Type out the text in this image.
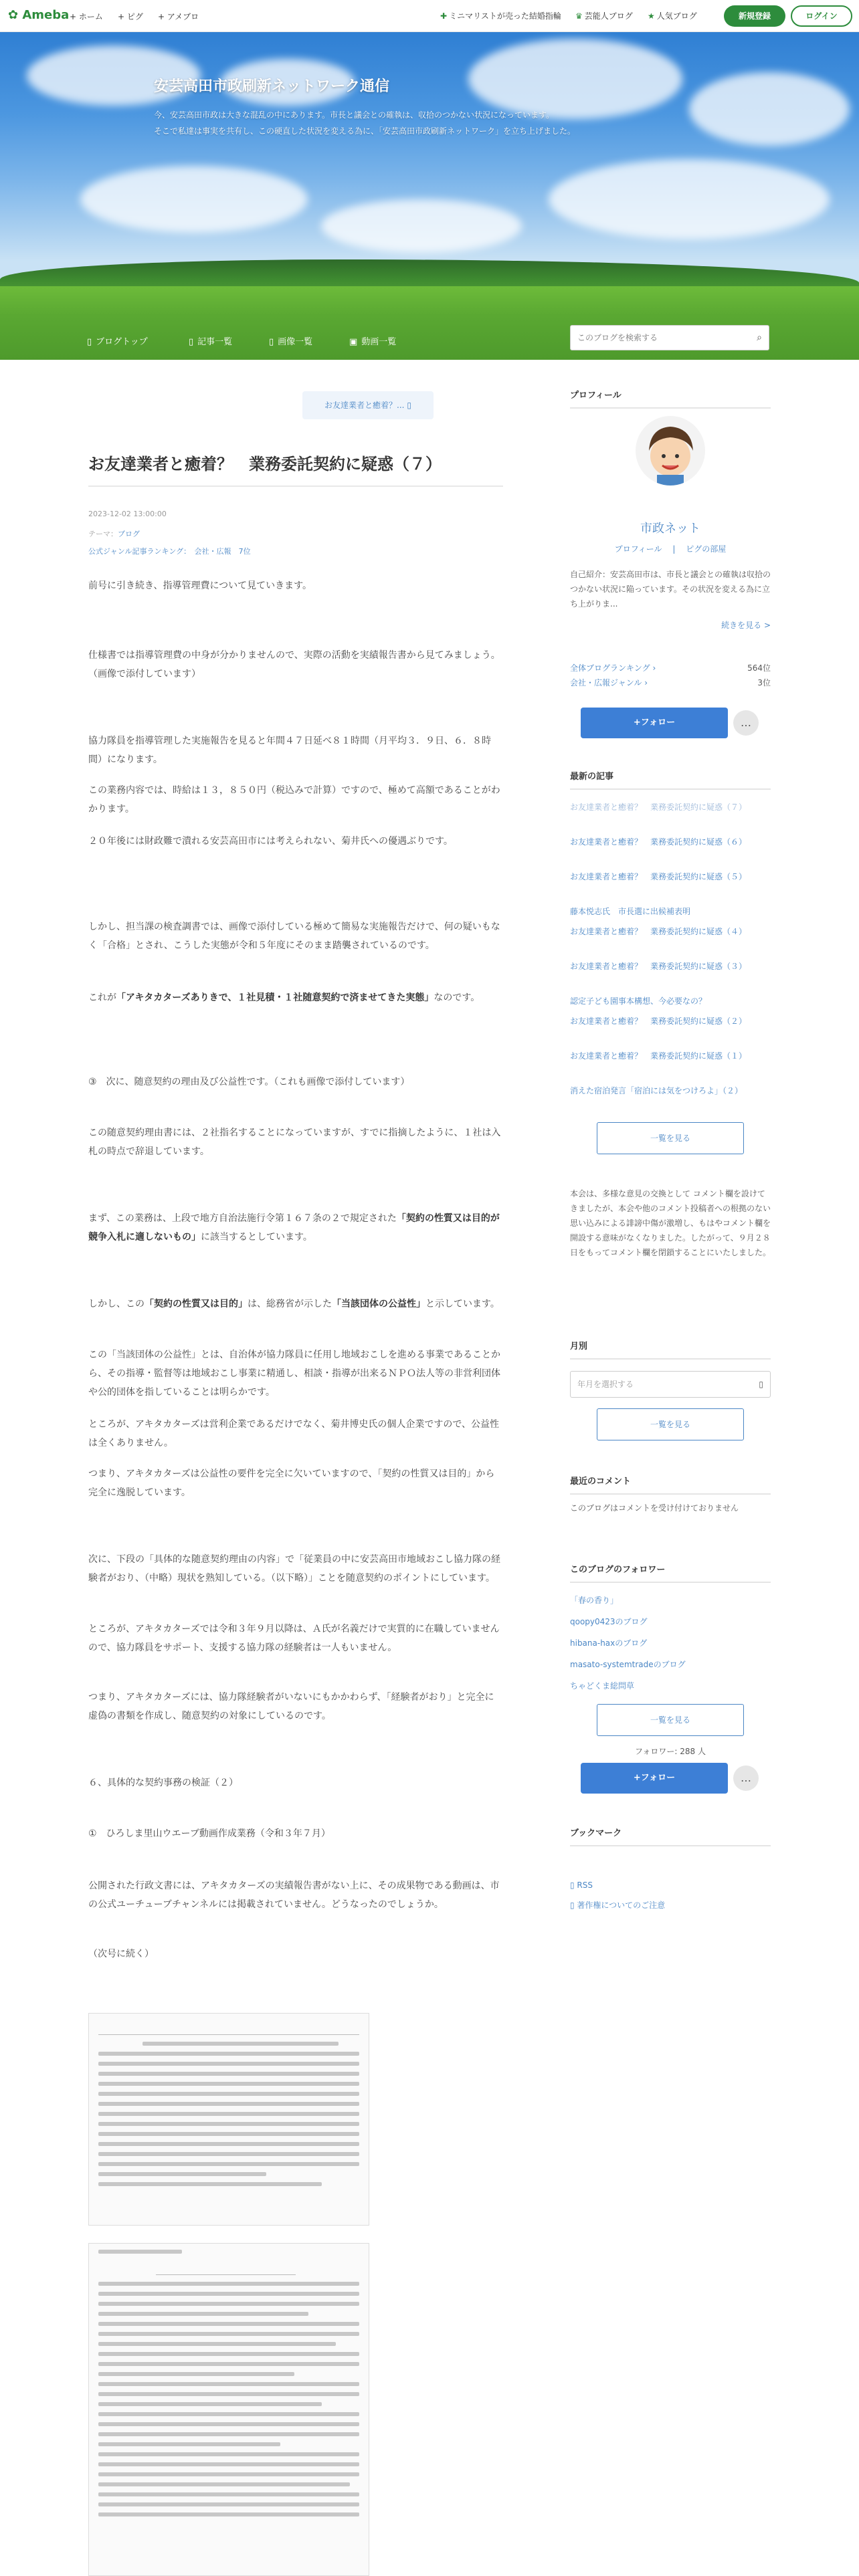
✿ Ameba + ホーム + ピグ + アメブロ	✚ ミニマリストが売った結婚指輪 ♛ 芸能人ブログ ★ 人気ブログ	新規登録	ログイン
安芸高田市政刷新ネットワーク通信
今、安芸高田市政は大きな混乱の中にあります。市長と議会との確執は、収拾のつかない状況になっています。
そこで私達は事実を共有し、この硬直した状況を変える為に、「安芸高田市政刷新ネットワーク」を立ち上げました。
▯ ブログトップ	▯ 記事一覧	▯ 画像一覧	▣ 動画一覧
このブログを検索する	⌕
お友達業者と癒着？... ▯
お友達業者と癒着？　業務委託契約に疑惑（７）
2023-12-02 13:00:00
テーマ：ブログ
公式ジャンル記事ランキング：　会社・広報　7位
前号に引き続き、指導管理費について見ていきます。
仕様書では指導管理費の中身が分かりませんので、実際の活動を実績報告書から見てみましょう。（画像で添付しています）
協力隊員を指導管理した実施報告を見ると年間４７日延べ８１時間（月平均３．９日、６．８時間）になります。
この業務内容では、時給は１３，８５０円（税込みで計算）ですので、極めて高額であることがわかります。
２０年後には財政難で潰れる安芸高田市には考えられない、菊井氏への優遇ぶりです。
しかし、担当課の検査調書では、画像で添付している極めて簡易な実施報告だけで、何の疑いもなく「合格」とされ、こうした実態が令和５年度にそのまま踏襲されているのです。
これが「アキタカターズありきで、１社見積・１社随意契約で済ませてきた実態」なのです。
③　次に、随意契約の理由及び公益性です。（これも画像で添付しています）
この随意契約理由書には、２社指名することになっていますが、すでに指摘したように、１社は入札の時点で辞退しています。
まず、この業務は、上段で地方自治法施行令第１６７条の２で規定された「契約の性質又は目的が競争入札に適しないもの」に該当するとしています。
しかし、この「契約の性質又は目的」は、総務省が示した「当該団体の公益性」と示しています。
この「当該団体の公益性」とは、自治体が協力隊員に任用し地域おこしを進める事業であることから、その指導・監督等は地域おこし事業に精通し、相談・指導が出来るＮＰＯ法人等の非営利団体や公的団体を指していることは明らかです。
ところが、アキタカターズは営利企業であるだけでなく、菊井博史氏の個人企業ですので、公益性は全くありません。
つまり、アキタカターズは公益性の要件を完全に欠いていますので、「契約の性質又は目的」から完全に逸脱しています。
次に、下段の「具体的な随意契約理由の内容」で「従業員の中に安芸高田市地域おこし協力隊の経験者がおり、（中略）現状を熟知している。（以下略）」ことを随意契約のポイントにしています。
ところが、アキタカターズでは令和３年９月以降は、Ａ氏が名義だけで実質的に在職していませんので、協力隊員をサポート、支援する協力隊の経験者は一人もいません。
つまり、アキタカターズには、協力隊経験者がいないにもかかわらず、「経験者がおり」と完全に虚偽の書類を作成し、随意契約の対象にしているのです。
６、具体的な契約事務の検証（２）
①　ひろしま里山ウエーブ動画作成業務（令和３年７月）
公開された行政文書には、アキタカターズの実績報告書がない上に、その成果物である動画は、市の公式ユーチューブチャンネルには掲載されていません。どうなったのでしょうか。
（次号に続く）
プロフィール
市政ネット
プロフィール 　|　 ピグの部屋
自己紹介：安芸高田市は、市長と議会との確執は収拾のつかない状況に陥っています。その状況を変える為に立ち上がりま...
続きを見る >
全体ブログランキング ›	564位
会社・広報ジャンル ›	3位
+フォロー	…
最新の記事
お友達業者と癒着？　業務委託契約に疑惑（７）
お友達業者と癒着？　業務委託契約に疑惑（６）
お友達業者と癒着？　業務委託契約に疑惑（５）
藤本悦志氏　市長選に出候補表明
お友達業者と癒着？　業務委託契約に疑惑（４）
お友達業者と癒着？　業務委託契約に疑惑（３）
認定子ども園事本構想、今必要なの？
お友達業者と癒着？　業務委託契約に疑惑（２）
お友達業者と癒着？　業務委託契約に疑惑（１）
消えた宿泊発言「宿泊には気をつけろよ」（２）
一覧を見る
本会は、多様な意見の交換として コメント欄を設けてきましたが、本会や他のコメント投稿者への根拠のない思い込みによる誹謗中傷が激増し、もはやコメント欄を開設する意味がなくなりました。したがって、９月２８日をもってコメント欄を閉鎖することにいたしました。
月別
年月を選択する	▯
一覧を見る
最近のコメント
このブログはコメントを受け付けておりません
このブログのフォロワー
「春の香り」
qoopy0423のブログ
hibana-haxのブログ
masato-systemtradeのブログ
ちゃどくま総問草
一覧を見る
フォロワー: 288 人
+フォロー	…
ブックマーク
▯ RSS
▯ 著作権についてのご注意
